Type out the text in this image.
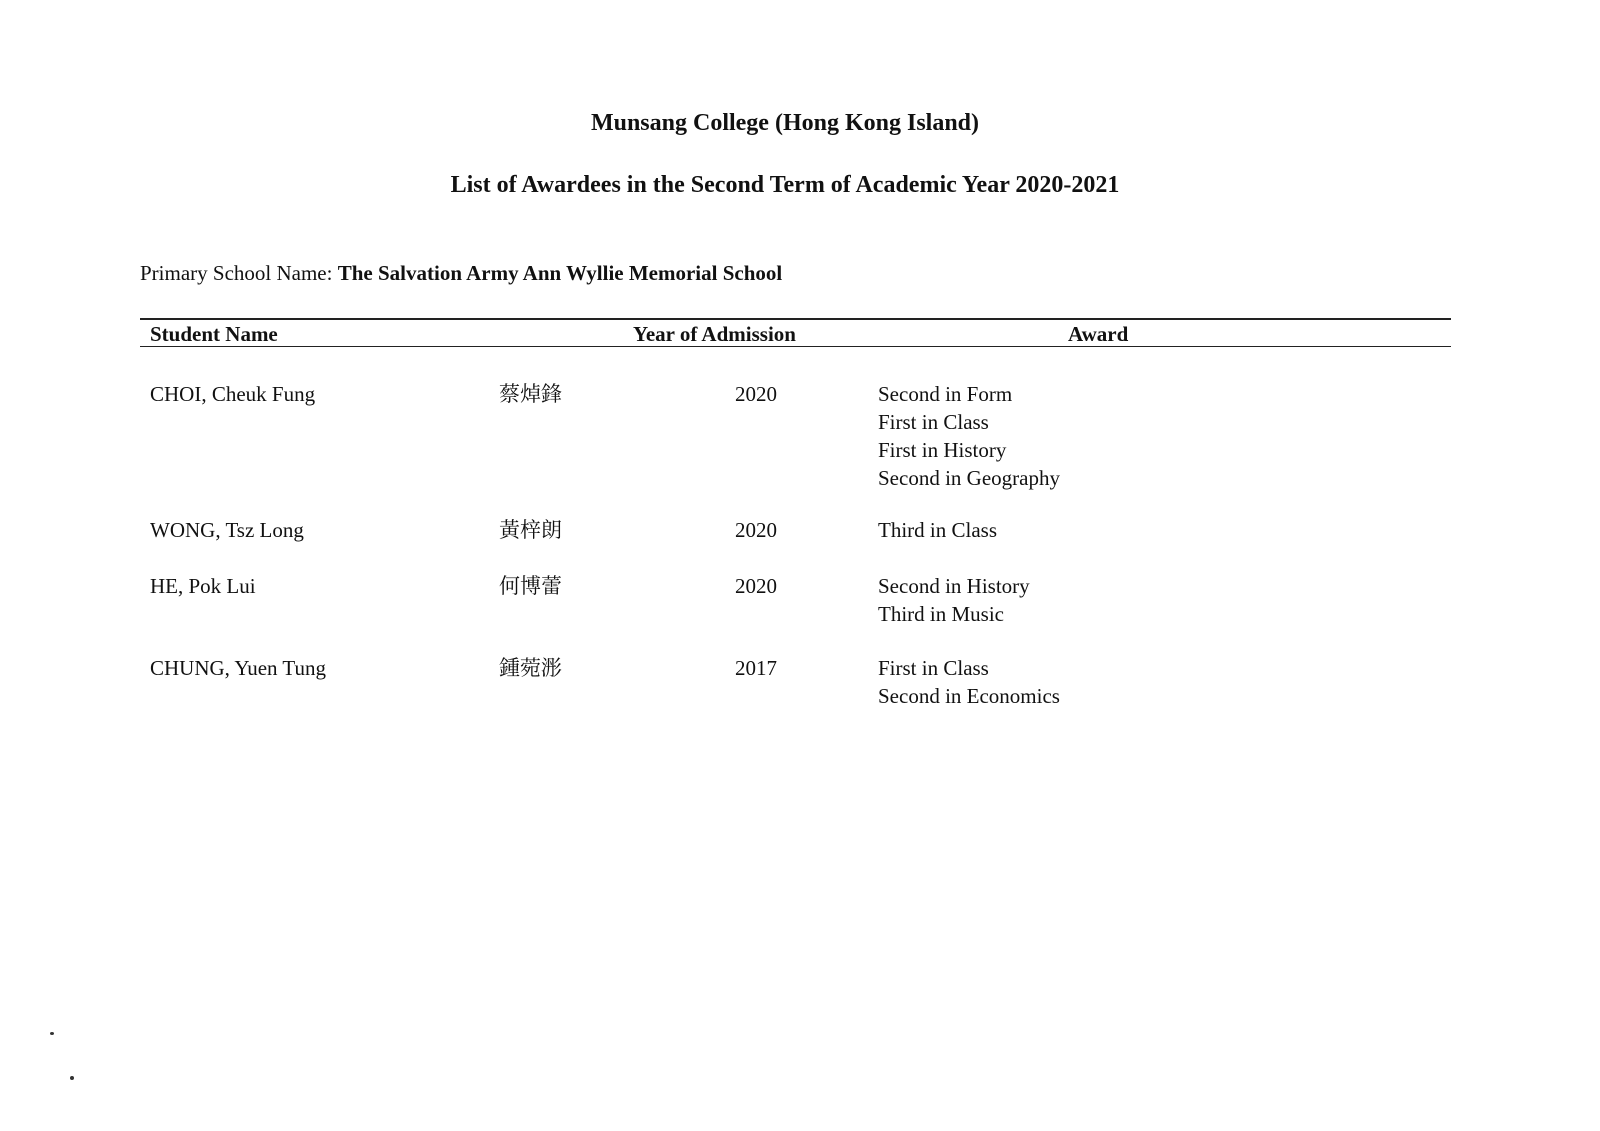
Munsang College (Hong Kong Island)
List of Awardees in the Second Term of Academic Year 2020-2021
Primary School Name: The Salvation Army Ann Wyllie Memorial School
Student Name	Year of Admission	Award
CHOI, Cheuk Fung	蔡焯鋒	2020	Second in Form
First in Class
First in History
Second in Geography
WONG, Tsz Long	黃梓朗	2020	Third in Class
HE, Pok Lui	何博蕾	2020	Second in History
Third in Music
CHUNG, Yuen Tung	鍾菀浵	2017	First in Class
Second in Economics
